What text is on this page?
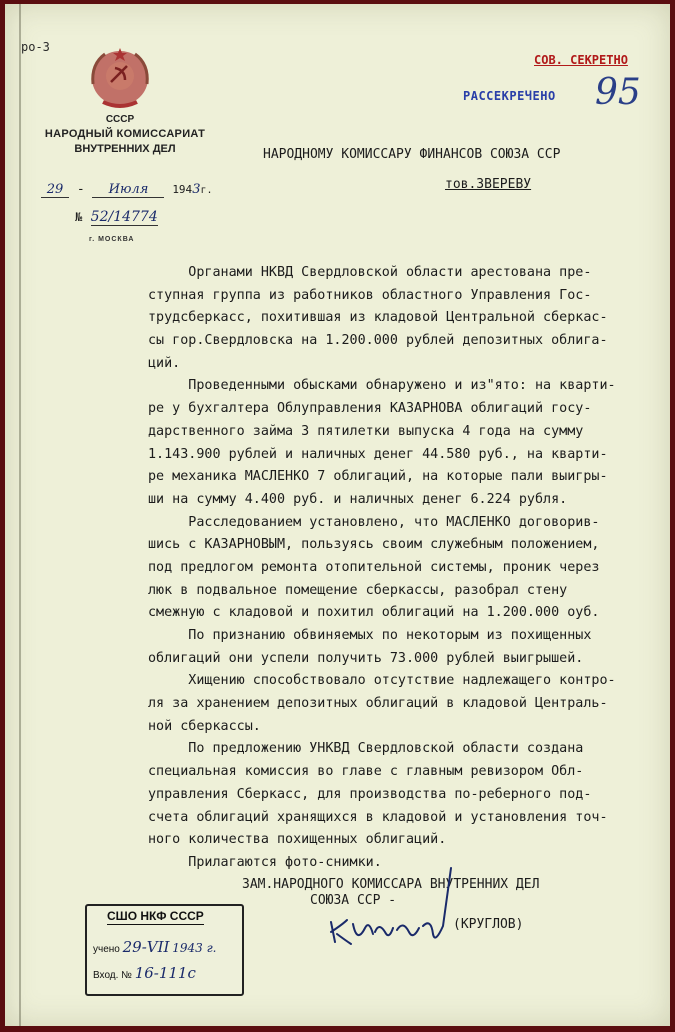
ро-3
СССР
НАРОДНЫЙ КОМИССАРИАТ
ВНУТРЕННИХ ДЕЛ
29 - Июля 1943г.
№ 52/14774
г. МОСКВА
СОВ. СЕКРЕТНО
РАССЕКРЕЧЕНО 95
НАРОДНОМУ КОМИССАРУ ФИНАНСОВ СОЮЗА ССР
тов.ЗВЕРЕВУ
Органами НКВД Свердловской области арестована пре-
ступная группа из работников областного Управления Гос-
трудсберкасс, похитившая из кладовой Центральной сберкас-
сы гор.Свердловска на 1.200.000 рублей депозитных облига-
ций.
Проведенными обысками обнаружено и из"ято: на кварти-
ре у бухгалтера Облуправления КАЗАРНОВА облигаций госу-
дарственного займа 3 пятилетки выпуска 4 года на сумму
1.143.900 рублей и наличных денег 44.580 руб., на кварти-
ре механика МАСЛЕНКО 7 облигаций, на которые пали выигры-
ши на сумму 4.400 руб. и наличных денег 6.224 рубля.
Расследованием установлено, что МАСЛЕНКО договорив-
шись с КАЗАРНОВЫМ, пользуясь своим служебным положением,
под предлогом ремонта отопительной системы, проник через
люк в подвальное помещение сберкассы, разобрал стену
смежную с кладовой и похитил облигаций на 1.200.000 оуб.
По признанию обвиняемых по некоторым из похищенных
облигаций они успели получить 73.000 рублей выигрышей.
Хищению способствовало отсутствие надлежащего контро-
ля за хранением депозитных облигаций в кладовой Централь-
ной сберкассы.
По предложению УНКВД Свердловской области создана
специальная комиссия во главе с главным ревизором Обл-
управления Сберкасс, для производства по-реберного под-
счета облигаций хранящихся в кладовой и установления точ-
ного количества похищенных облигаций.
Прилагаются фото-снимки.
ЗАМ.НАРОДНОГО КОМИССАРА ВНУТРЕННИХ ДЕЛ
СОЮЗА ССР -
(КРУГЛОВ)
СШО НКФ СССР
учено 29-VII 1943 г.
Вход. № 16-111с
